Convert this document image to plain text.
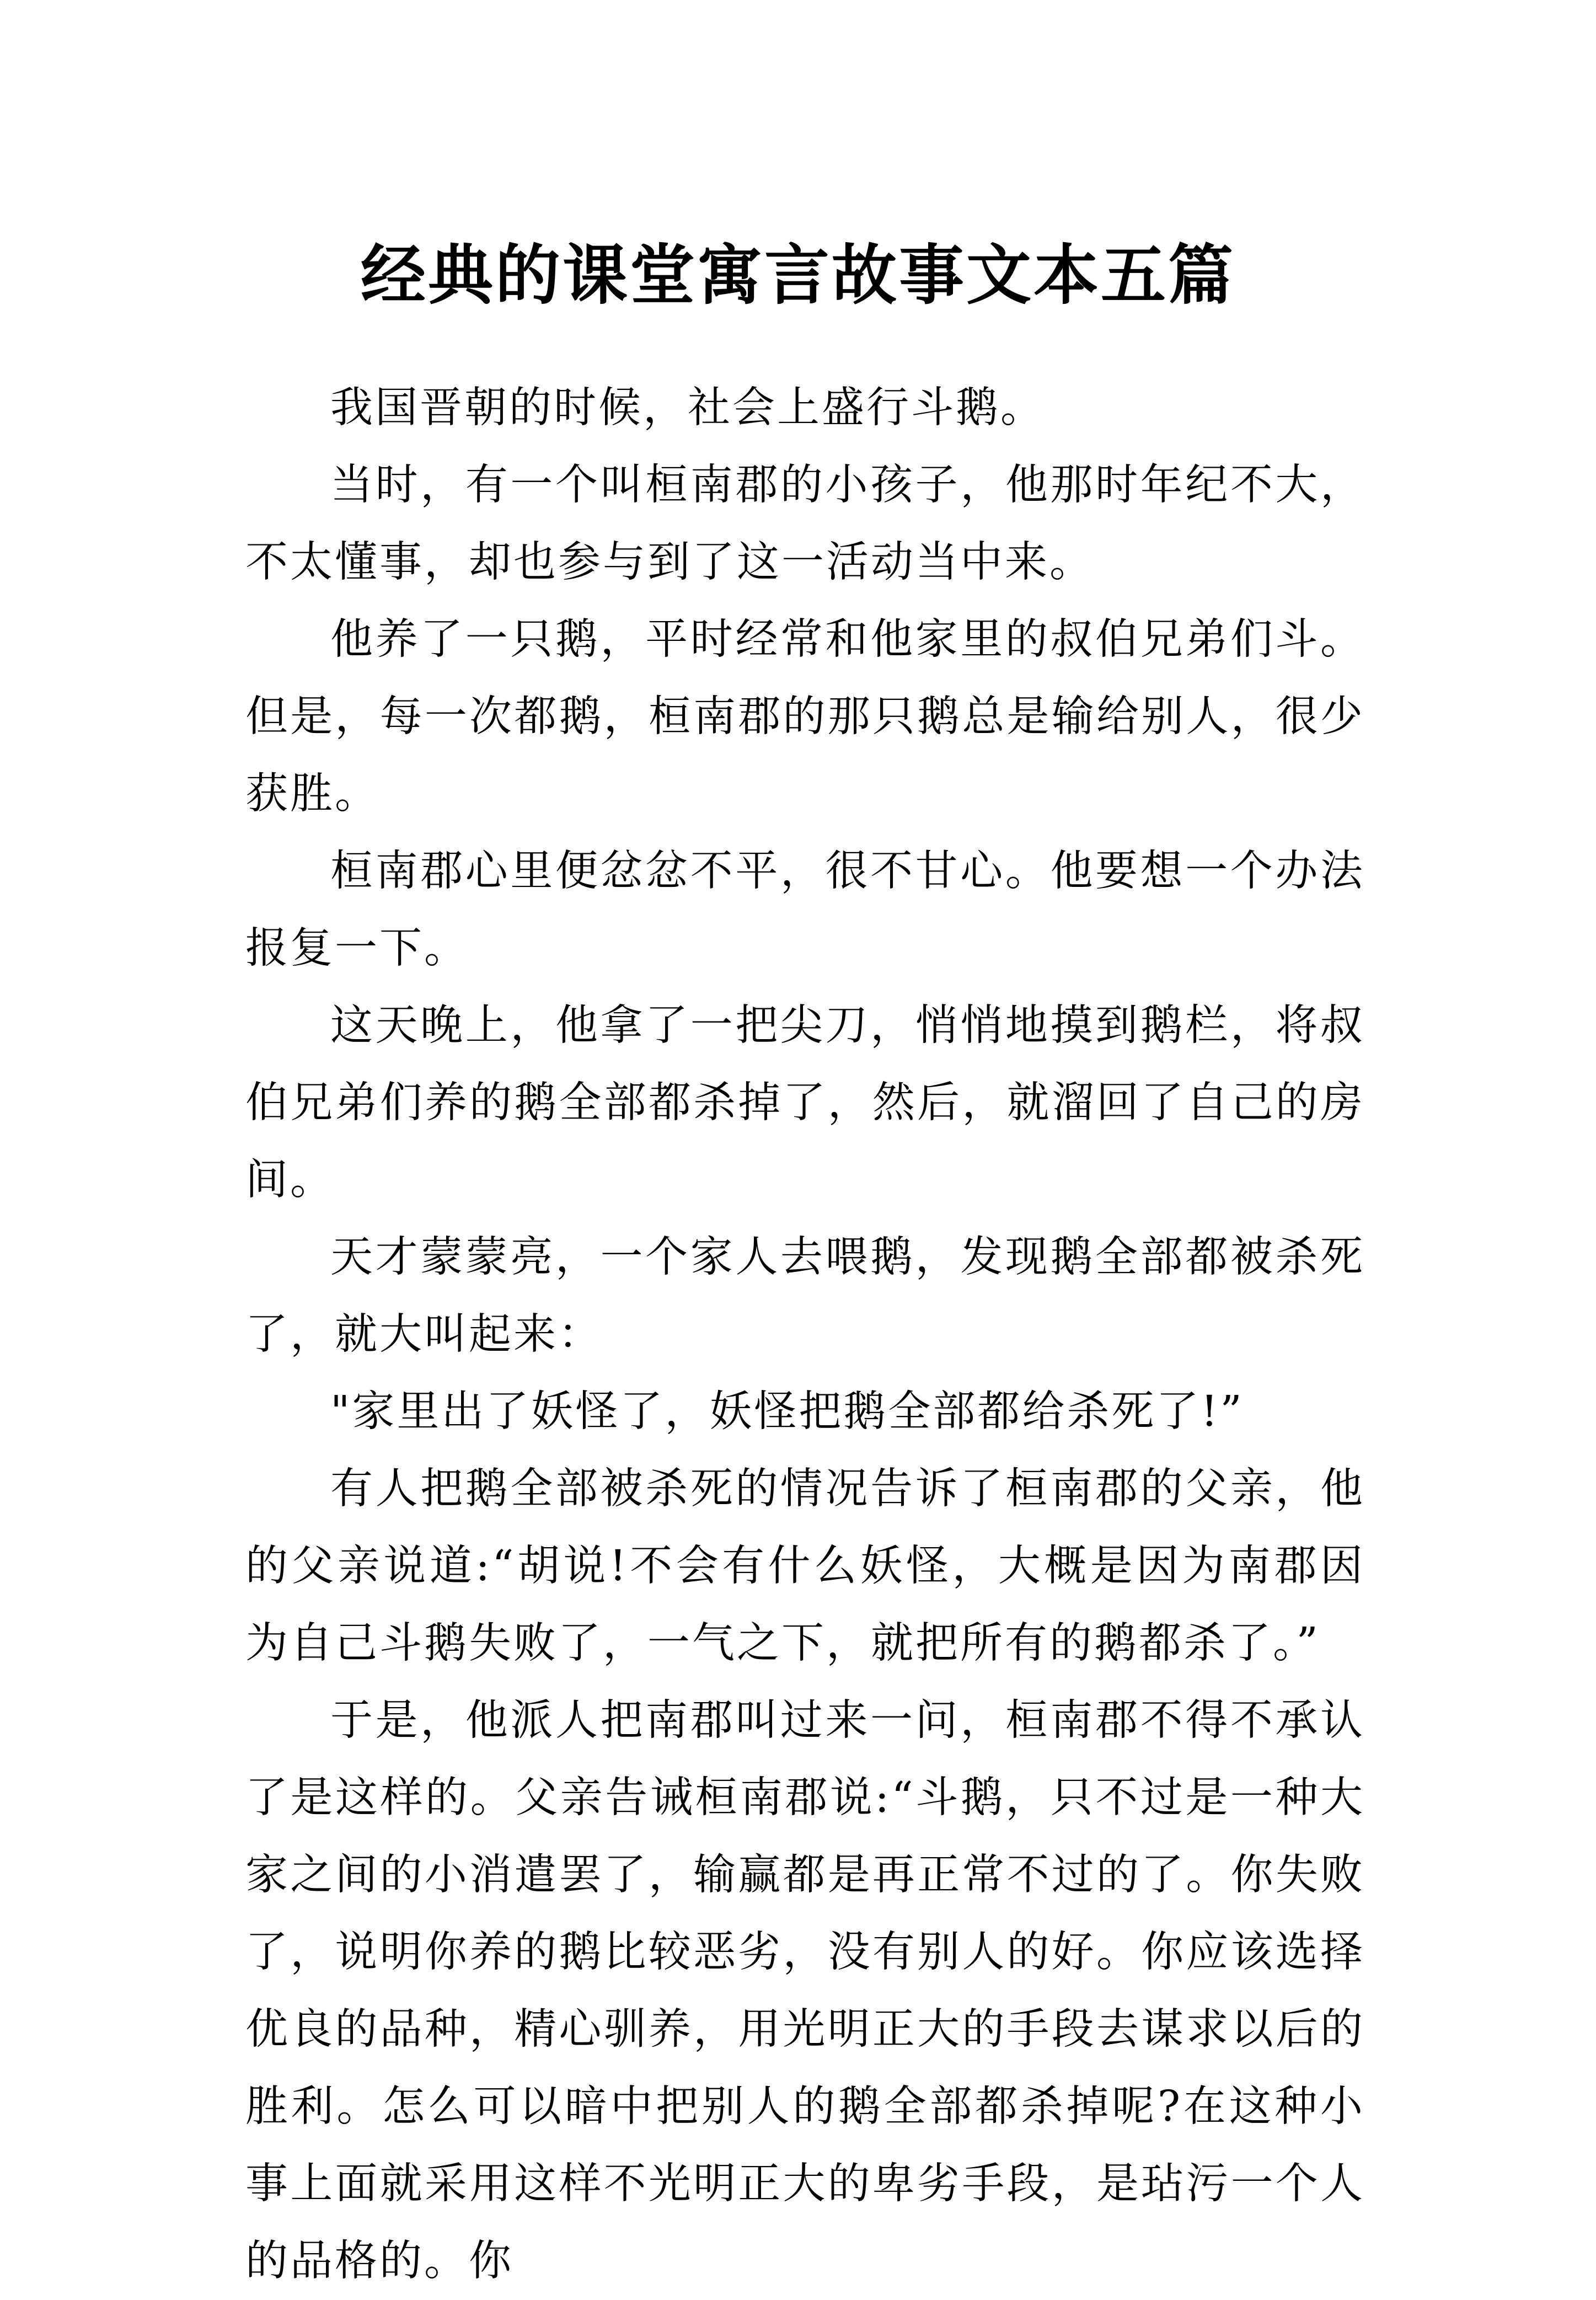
经典的课堂寓言故事文本五篇

我国晋朝的时候，社会上盛行斗鹅。

当时，有一个叫桓南郡的小孩子，他那时年纪不大，不太懂事，却也参与到了这一活动当中来。

他养了一只鹅，平时经常和他家里的叔伯兄弟们斗。但是，每一次都鹅，桓南郡的那只鹅总是输给别人，很少获胜。

桓南郡心里便忿忿不平，很不甘心。他要想一个办法报复一下。

这天晚上，他拿了一把尖刀，悄悄地摸到鹅栏，将叔伯兄弟们养的鹅全部都杀掉了，然后，就溜回了自己的房间。

天才蒙蒙亮，一个家人去喂鹅，发现鹅全部都被杀死了，就大叫起来：

"家里出了妖怪了，妖怪把鹅全部都给杀死了!”

有人把鹅全部被杀死的情况告诉了桓南郡的父亲，他的父亲说道:“胡说!不会有什么妖怪，大概是因为南郡因为自己斗鹅失败了，一气之下，就把所有的鹅都杀了。”

于是，他派人把南郡叫过来一问，桓南郡不得不承认了是这样的。父亲告诫桓南郡说:“斗鹅，只不过是一种大家之间的小消遣罢了，输赢都是再正常不过的了。你失败了，说明你养的鹅比较恶劣，没有别人的好。你应该选择优良的品种，精心驯养，用光明正大的手段去谋求以后的胜利。怎么可以暗中把别人的鹅全部都杀掉呢?在这种小事上面就采用这样不光明正大的卑劣手段，是玷污一个人的品格的。你
